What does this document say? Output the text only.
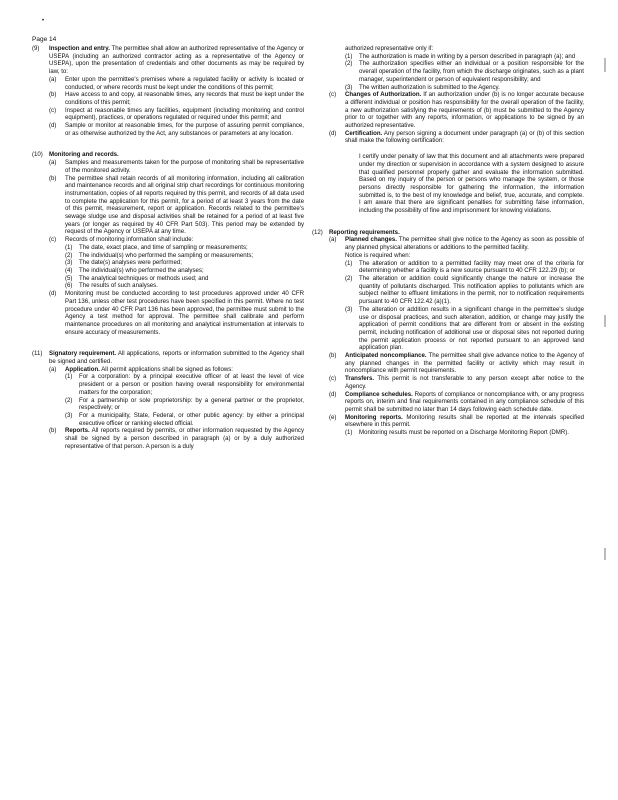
•
Page 14
(9) Inspection and entry. The permittee shall allow an authorized representative of the Agency or USEPA (including an authorized contractor acting as a representative of the Agency or USEPA), upon the presentation of credentials and other documents as may be required by law, to:
(a) Enter upon the permittee's premises where a regulated facility or activity is located or conducted, or where records must be kept under the conditions of this permit;
(b) Have access to and copy, at reasonable times, any records that must be kept under the conditions of this permit;
(c) Inspect at reasonable times any facilities, equipment (including monitoring and control equipment), practices, or operations regulated or required under this permit; and
(d) Sample or monitor at reasonable times, for the purpose of assuring permit compliance, or as otherwise authorized by the Act, any substances or parameters at any location.
(10) Monitoring and records.
(a) Samples and measurements taken for the purpose of monitoring shall be representative of the monitored activity.
(b) The permittee shall retain records of all monitoring information, including all calibration and maintenance records and all original strip chart recordings for continuous monitoring instrumentation, copies of all reports required by this permit, and records of all data used to complete the application for this permit, for a period of at least 3 years from the date of this permit, measurement, report or application. Records related to the permittee's sewage sludge use and disposal activities shall be retained for a period of at least five years (or longer as required by 40 CFR Part 503). This period may be extended by request of the Agency or USEPA at any time.
(c) Records of monitoring information shall include:
(1) The date, exact place, and time of sampling or measurements;
(2) The individual(s) who performed the sampling or measurements;
(3) The date(s) analyses were performed;
(4) The individual(s) who performed the analyses;
(5) The analytical techniques or methods used; and
(6) The results of such analyses.
(d) Monitoring must be conducted according to test procedures approved under 40 CFR Part 136, unless other test procedures have been specified in this permit. Where no test procedure under 40 CFR Part 136 has been approved, the permittee must submit to the Agency a test method for approval. The permittee shall calibrate and perform maintenance procedures on all monitoring and analytical instrumentation at intervals to ensure accuracy of measurements.
(11) Signatory requirement. All applications, reports or information submitted to the Agency shall be signed and certified.
(a) Application. All permit applications shall be signed as follows:
(1) For a corporation: by a principal executive officer of at least the level of vice president or a person or position having overall responsibility for environmental matters for the corporation;
(2) For a partnership or sole proprietorship: by a general partner or the proprietor, respectively; or
(3) For a municipality, State, Federal, or other public agency: by either a principal executive officer or ranking elected official.
(b) Reports. All reports required by permits, or other information requested by the Agency shall be signed by a person described in paragraph (a) or by a duly authorized representative of that person. A person is a duly
authorized representative only if:
(1) The authorization is made in writing by a person described in paragraph (a); and
(2) The authorization specifies either an individual or a position responsible for the overall operation of the facility, from which the discharge originates, such as a plant manager, superintendent or person of equivalent responsibility; and
(3) The written authorization is submitted to the Agency.
(c) Changes of Authorization. If an authorization under (b) is no longer accurate because a different individual or position has responsibility for the overall operation of the facility, a new authorization satisfying the requirements of (b) must be submitted to the Agency prior to or together with any reports, information, or applications to be signed by an authorized representative.
(d) Certification. Any person signing a document under paragraph (a) or (b) of this section shall make the following certification:

I certify under penalty of law that this document and all attachments were prepared under my direction or supervision in accordance with a system designed to assure that qualified personnel properly gather and evaluate the information submitted. Based on my inquiry of the person or persons who manage the system, or those persons directly responsible for gathering the information, the information submitted is, to the best of my knowledge and belief, true, accurate, and complete. I am aware that there are significant penalties for submitting false information, including the possibility of fine and imprisonment for knowing violations.

(12) Reporting requirements.
(a) Planned changes. The permittee shall give notice to the Agency as soon as possible of any planned physical alterations or additions to the permitted facility.
Notice is required when:
(1) The alteration or addition to a permitted facility may meet one of the criteria for determining whether a facility is a new source pursuant to 40 CFR 122.29 (b); or
(2) The alteration or addition could significantly change the nature or increase the quantity of pollutants discharged. This notification applies to pollutants which are subject neither to effluent limitations in the permit, nor to notification requirements pursuant to 40 CFR 122.42 (a)(1).
(3) The alteration or addition results in a significant change in the permittee's sludge use or disposal practices, and such alteration, addition, or change may justify the application of permit conditions that are different from or absent in the existing permit, including notification of additional use or disposal sites not reported during the permit application process or not reported pursuant to an approved land application plan.
(b) Anticipated noncompliance. The permittee shall give advance notice to the Agency of any planned changes in the permitted facility or activity which may result in noncompliance with permit requirements.
(c) Transfers. This permit is not transferable to any person except after notice to the Agency.
(d) Compliance schedules. Reports of compliance or noncompliance with, or any progress reports on, interim and final requirements contained in any compliance schedule of this permit shall be submitted no later than 14 days following each schedule date.
(e) Monitoring reports. Monitoring results shall be reported at the intervals specified elsewhere in this permit.
(1) Monitoring results must be reported on a Discharge Monitoring Report (DMR).
